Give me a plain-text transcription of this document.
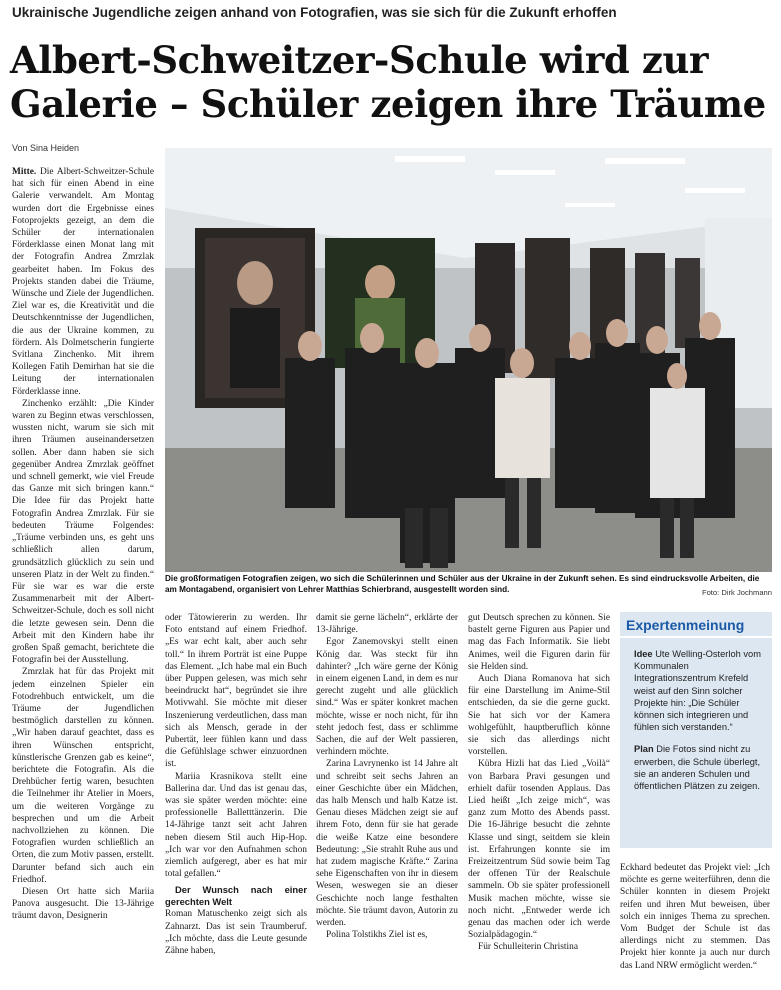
Ukrainische Jugendliche zeigen anhand von Fotografien, was sie sich für die Zukunft erhoffen
Albert-Schweitzer-Schule wird zur
Galerie – Schüler zeigen ihre Träume
Von Sina Heiden

Mitte. Die Albert-Schweitzer-Schule hat sich für einen Abend in eine Galerie verwandelt. Am Montag wurden dort die Ergebnisse eines Fotoprojekts gezeigt, an dem die Schüler der internationalen Förderklasse einen Monat lang mit der Fotografin Andrea Zmrzlak gearbeitet haben. Im Fokus des Projekts standen dabei die Träume, Wünsche und Ziele der Jugendlichen. Ziel war es, die Kreativität und die Deutschkenntnisse der Jugendlichen, die aus der Ukraine kommen, zu fördern. Als Dolmetscherin fungierte Svitlana Zinchenko. Mit ihrem Kollegen Fatih Demirhan hat sie die Leitung der internationalen Förderklasse inne.

Zinchenko erzählt: „Die Kinder waren zu Beginn etwas verschlossen, wussten nicht, warum sie sich mit ihren Träumen auseinandersetzen sollen. Aber dann haben sie sich gegenüber Andrea Zmrzlak geöffnet und schnell gemerkt, wie viel Freude das Ganze mit sich bringen kann.“ Die Idee für das Projekt hatte Fotografin Andrea Zmrzlak. Für sie bedeuten Träume Folgendes: „Träume verbinden uns, es geht uns schließlich allen darum, grundsätzlich glücklich zu sein und unseren Platz in der Welt zu finden.“ Für sie war es war die erste Zusammenarbeit mit der Albert-Schweitzer-Schule, doch es soll nicht die letzte gewesen sein. Denn die Arbeit mit den Kindern habe ihr großen Spaß gemacht, berichtete die Fotografin bei der Ausstellung.

Zmrzlak hat für das Projekt mit jedem einzelnen Spieler ein Fotodrehbuch entwickelt, um die Träume der Jugendlichen bestmöglich darstellen zu können. „Wir haben darauf geachtet, dass es ihren Wünschen entspricht, künstlerische Grenzen gab es keine“, berichtete die Fotografin. Als die Drehbücher fertig waren, besuchten die Teilnehmer ihr Atelier in Moers, um die weiteren Vorgänge zu besprechen und um die Arbeit nachvollziehen zu können. Die Fotografien wurden schließlich an Orten, die zum Motiv passen, erstellt. Darunter befand sich auch ein Friedhof.

Diesen Ort hatte sich Mariia Panova ausgesucht. Die 13-Jährige träumt davon, Designerin

Die großformatigen Fotografien zeigen, wo sich die Schülerinnen und Schüler aus der Ukraine in der Zukunft sehen. Es sind eindrucksvolle Arbeiten, die am Montagabend, organisiert von Lehrer Matthias Schierbrand, ausgestellt worden sind.	Foto: Dirk Jochmann

oder Tätowiererin zu werden. Ihr Foto entstand auf einem Friedhof. „Es war echt kalt, aber auch sehr toll.“ In ihrem Porträt ist eine Puppe das Element. „Ich habe mal ein Buch über Puppen gelesen, was mich sehr beeindruckt hat“, begründet sie ihre Motivwahl. Sie möchte mit dieser Inszenierung verdeutlichen, dass man sich als Mensch, gerade in der Pubertät, leer fühlen kann und dass die Gefühlslage schwer einzuordnen ist.

Mariia Krasnikova stellt eine Ballerina dar. Und das ist genau das, was sie später werden möchte: eine professionelle Balletttänzerin. Die 14-Jährige tanzt seit acht Jahren neben diesem Stil auch Hip-Hop. „Ich war vor den Aufnahmen schon ziemlich aufgeregt, aber es hat mir total gefallen.“

Der Wunsch nach einer gerechten Welt

Roman Matuschenko zeigt sich als Zahnarzt. Das ist sein Traumberuf. „Ich möchte, dass die Leute gesunde Zähne haben,

damit sie gerne lächeln“, erklärte der 13-Jährige.

Egor Zanemovskyi stellt einen König dar. Was steckt für ihn dahinter? „Ich wäre gerne der König in einem eigenen Land, in dem es nur gerecht zugeht und alle glücklich sind.“ Was er später konkret machen möchte, wisse er noch nicht, für ihn steht jedoch fest, dass er schlimme Sachen, die auf der Welt passieren, verhindern möchte.

Zarina Lavrynenko ist 14 Jahre alt und schreibt seit sechs Jahren an einer Geschichte über ein Mädchen, das halb Mensch und halb Katze ist. Genau dieses Mädchen zeigt sie auf ihrem Foto, denn für sie hat gerade die weiße Katze eine besondere Bedeutung: „Sie strahlt Ruhe aus und hat zudem magische Kräfte.“ Zarina sehe Eigenschaften von ihr in diesem Wesen, weswegen sie an dieser Geschichte noch lange festhalten möchte. Sie träumt davon, Autorin zu werden.

Polina Tolstikhs Ziel ist es,

gut Deutsch sprechen zu können. Sie bastelt gerne Figuren aus Papier und mag das Fach Informatik. Sie liebt Animes, weil die Figuren darin für sie Helden sind.

Auch Diana Romanova hat sich für eine Darstellung im Anime-Stil entschieden, da sie die gerne guckt. Sie hat sich vor der Kamera wohlgefühlt, hauptberuflich könne sie sich das allerdings nicht vorstellen.

Kübra Hizli hat das Lied „Voilà“ von Barbara Pravi gesungen und erhielt dafür tosenden Applaus. Das Lied heißt „Ich zeige mich“, was ganz zum Motto des Abends passt. Die 16-Jährige besucht die zehnte Klasse und singt, seitdem sie klein ist. Erfahrungen konnte sie im Freizeitzentrum Süd sowie beim Tag der offenen Tür der Realschule sammeln. Ob sie später professionell Musik machen möchte, wisse sie noch nicht. „Entweder werde ich genau das machen oder ich werde Sozialpädagogin.“

Für Schulleiterin Christina

Expertenmeinung

Idee Ute Welling-Osterloh vom Kommunalen Integrationszentrum Krefeld weist auf den Sinn solcher Projekte hin: „Die Schüler können sich integrieren und fühlen sich verstanden.“

Plan Die Fotos sind nicht zu erwerben, die Schule überlegt, sie an anderen Schulen und öffentlichen Plätzen zu zeigen.

Eckhard bedeutet das Projekt viel: „Ich möchte es gerne weiterführen, denn die Schüler konnten in diesem Projekt reifen und ihren Mut beweisen, über solch ein inniges Thema zu sprechen. Vom Budget der Schule ist das allerdings nicht zu stemmen. Das Projekt hier konnte ja auch nur durch das Land NRW ermöglicht werden.“
